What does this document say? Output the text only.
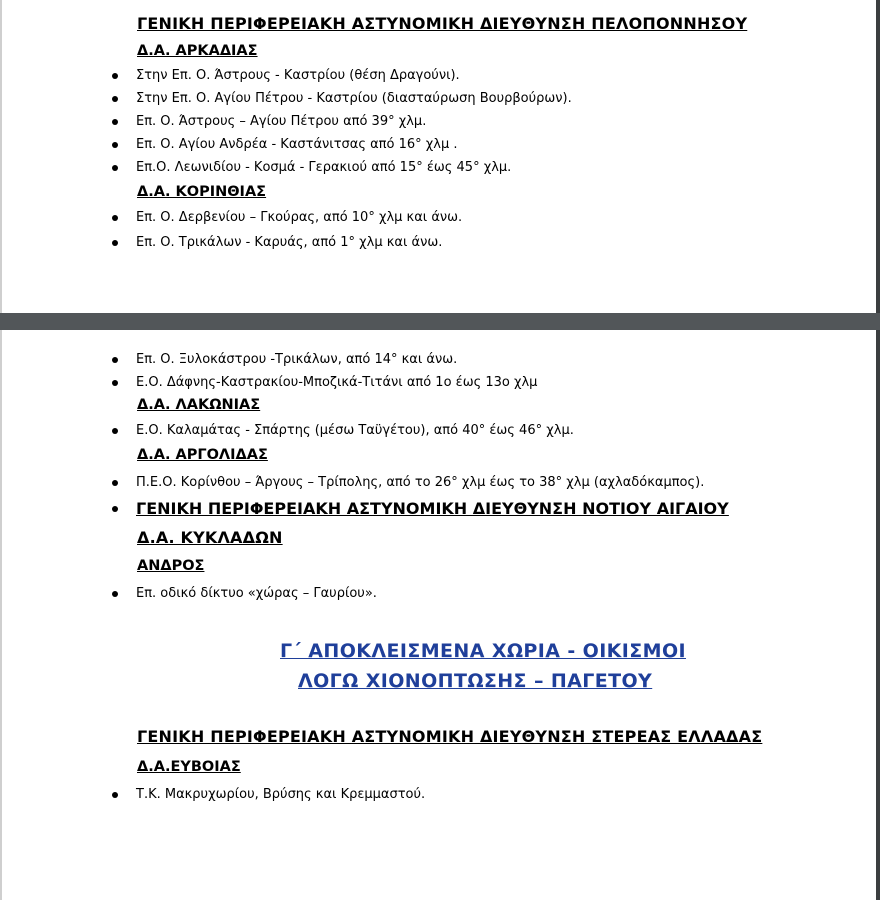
ΓΕΝΙΚΗ ΠΕΡΙΦΕΡΕΙΑΚΗ ΑΣΤΥΝΟΜΙΚΗ ΔΙΕΥΘΥΝΣΗ ΠΕΛΟΠΟΝΝΗΣΟΥ
Δ.Α. ΑΡΚΑΔΙΑΣ
Στην Επ. Ο. Άστρους - Καστρίου (θέση Δραγούνι).
Στην Επ. Ο. Αγίου Πέτρου - Καστρίου (διασταύρωση Βουρβούρων).
Επ. Ο. Άστρους – Αγίου Πέτρου από 39° χλμ.
Επ. Ο. Αγίου Ανδρέα - Καστάνιτσας από 16° χλμ .
Επ.Ο. Λεωνιδίου - Κοσμά - Γερακιού από 15° έως 45° χλμ.
Δ.Α. ΚΟΡΙΝΘΙΑΣ
Επ. Ο. Δερβενίου – Γκούρας, από 10° χλμ και άνω.
Επ. Ο. Τρικάλων - Καρυάς, από 1° χλμ και άνω.
Επ. Ο. Ξυλοκάστρου -Τρικάλων, από 14° και άνω.
Ε.Ο. Δάφνης-Καστρακίου-Μποζικά-Τιτάνι από 1ο έως 13ο χλμ
Δ.Α. ΛΑΚΩΝΙΑΣ
Ε.Ο. Καλαμάτας - Σπάρτης (μέσω Ταϋγέτου), από 40° έως 46° χλμ.
Δ.Α. ΑΡΓΟΛΙΔΑΣ
Π.Ε.Ο. Κορίνθου – Άργους – Τρίπολης, από το 26° χλμ έως το 38° χλμ (αχλαδόκαμπος).
ΓΕΝΙΚΗ ΠΕΡΙΦΕΡΕΙΑΚΗ ΑΣΤΥΝΟΜΙΚΗ ΔΙΕΥΘΥΝΣΗ ΝΟΤΙΟΥ ΑΙΓΑΙΟΥ
Δ.Α. ΚΥΚΛΑΔΩΝ
ΑΝΔΡΟΣ
Επ. οδικό δίκτυο «χώρας – Γαυρίου».
Γ΄ ΑΠΟΚΛΕΙΣΜΕΝΑ ΧΩΡΙΑ - ΟΙΚΙΣΜΟΙ
ΛΟΓΩ ΧΙΟΝΟΠΤΩΣΗΣ – ΠΑΓΕΤΟΥ
ΓΕΝΙΚΗ ΠΕΡΙΦΕΡΕΙΑΚΗ ΑΣΤΥΝΟΜΙΚΗ ΔΙΕΥΘΥΝΣΗ ΣΤΕΡΕΑΣ ΕΛΛΑΔΑΣ
Δ.Α.ΕΥΒΟΙΑΣ
Τ.Κ. Μακρυχωρίου, Βρύσης και Κρεμμαστού.
